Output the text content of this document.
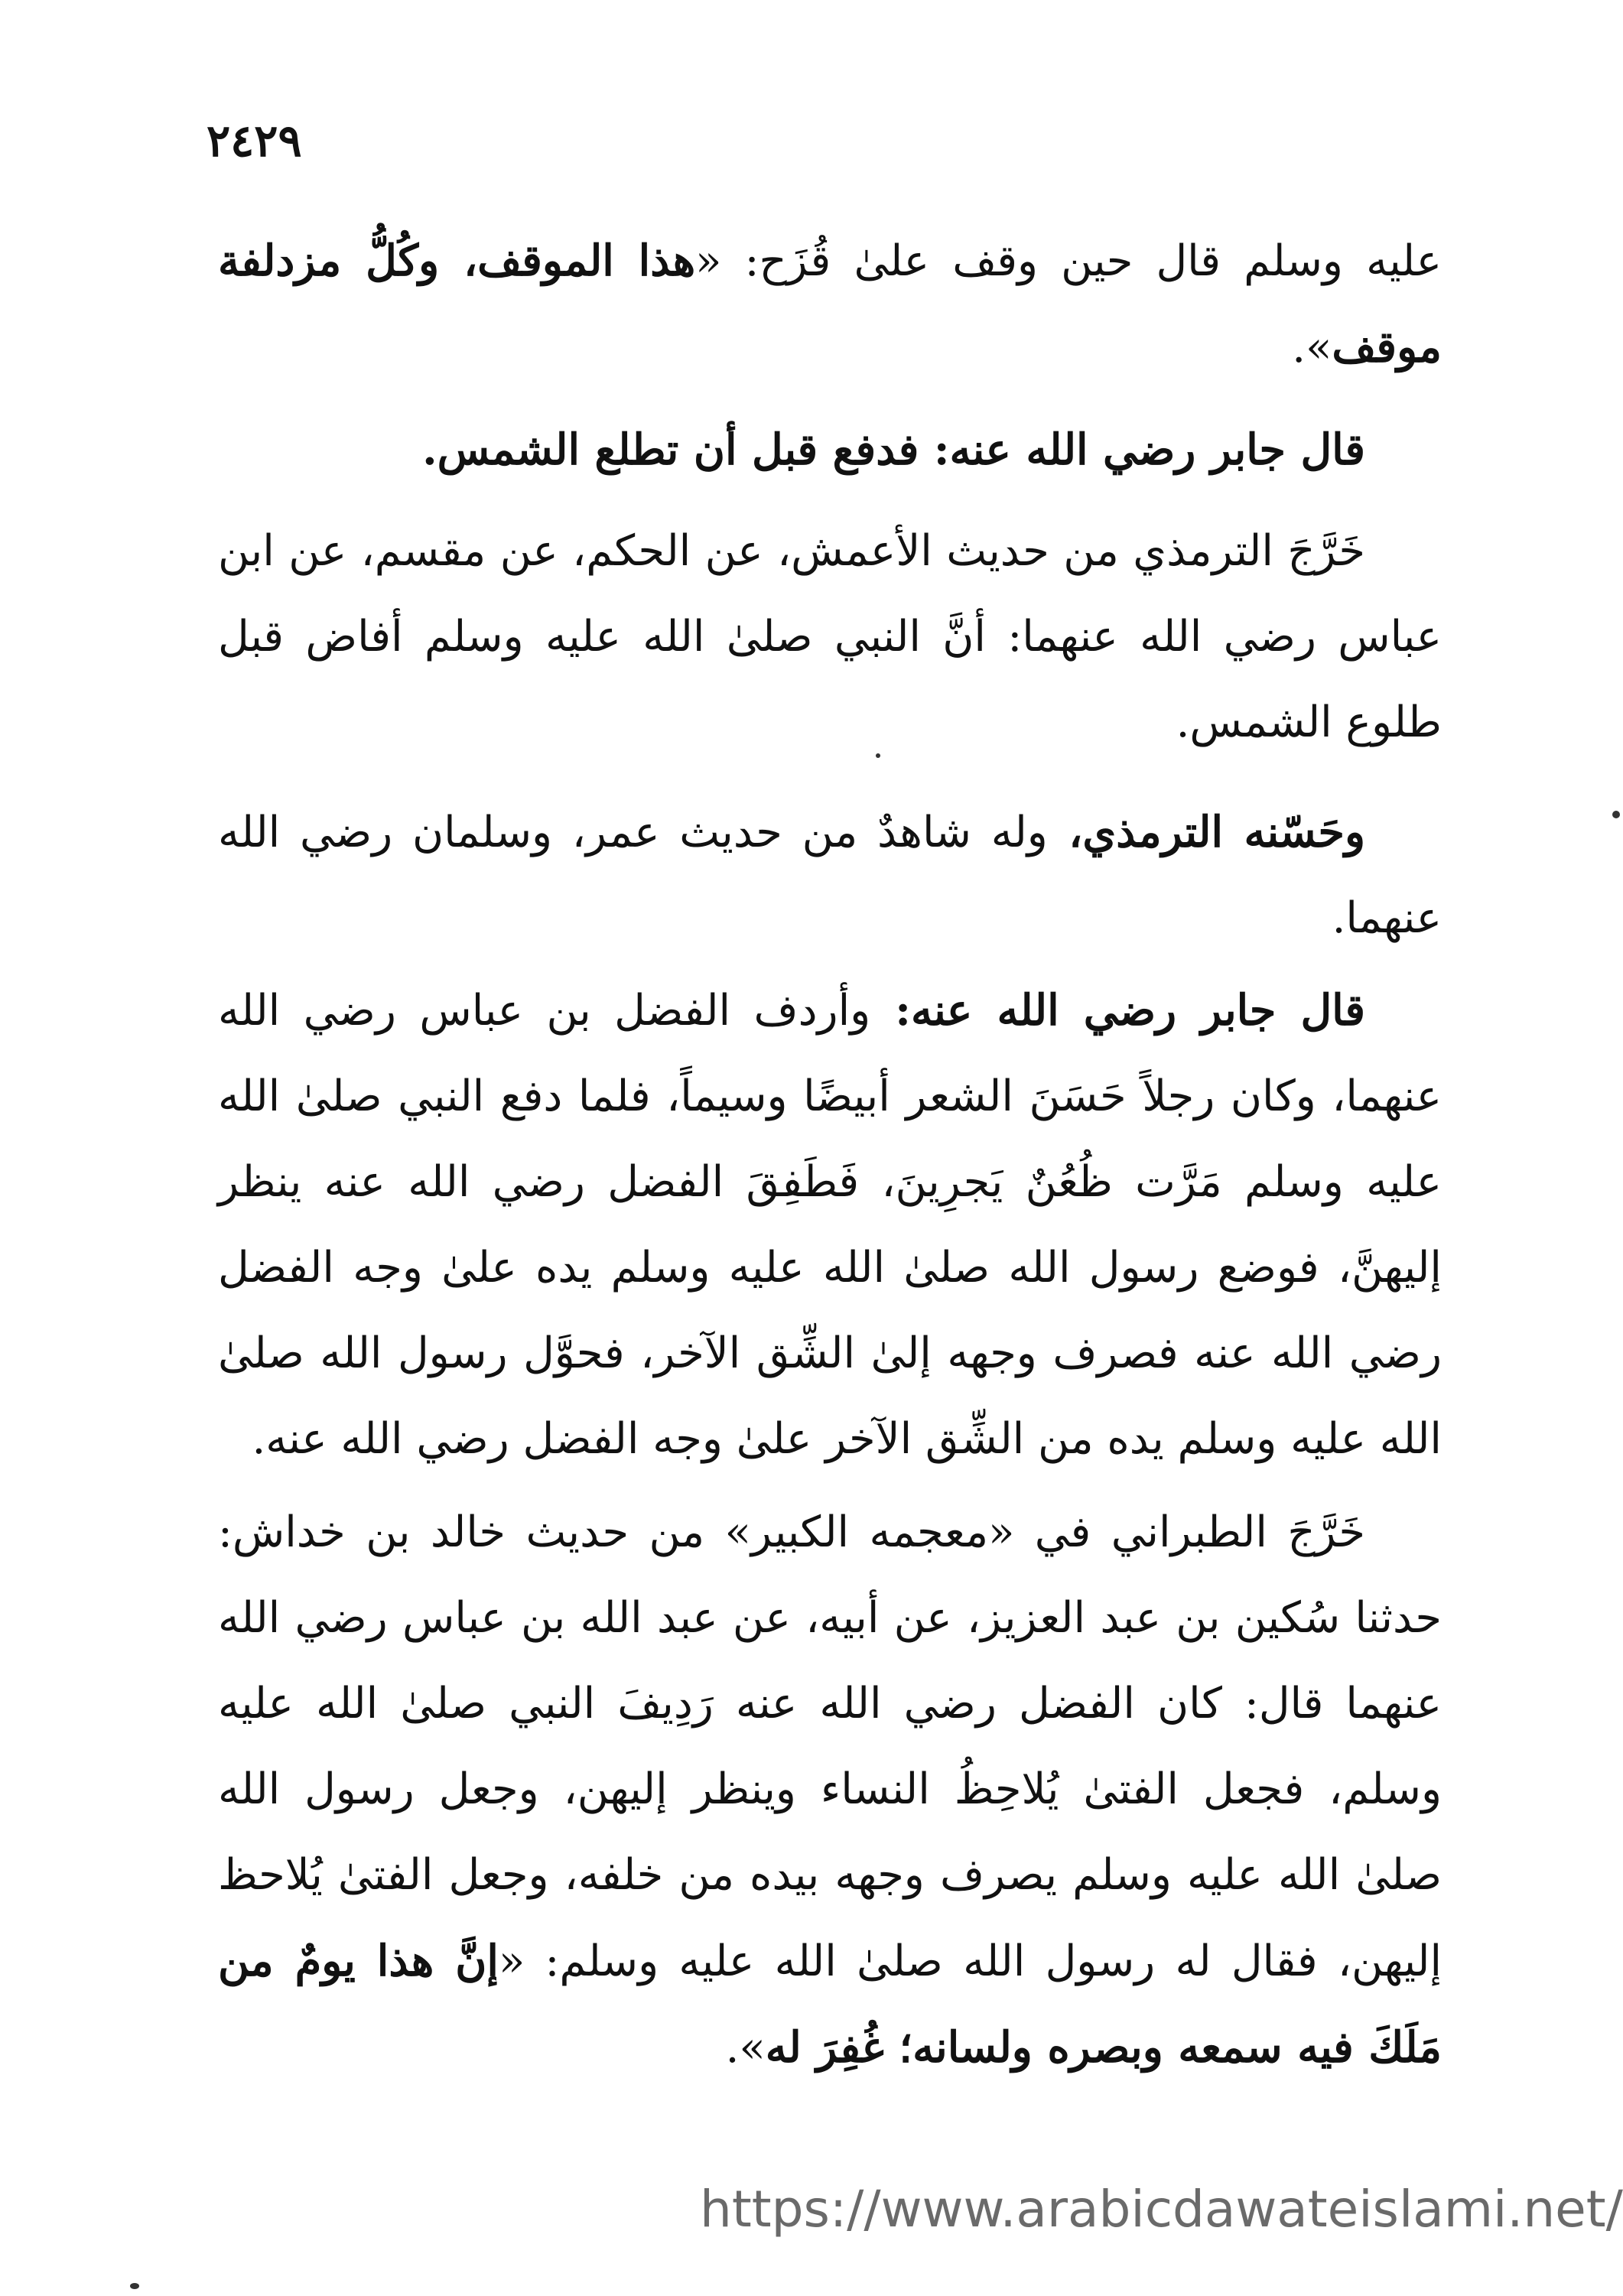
٢٤٢٩
عليه وسلم قال حين وقف علىٰ قُزَح: «هذا الموقف، وكُلُّ مزدلفة موقف».
قال جابر رضي الله عنه: فدفع قبل أن تطلع الشمس.
خَرَّجَ الترمذي من حديث الأعمش، عن الحكم، عن مقسم، عن ابن عباس رضي الله عنهما: أنَّ النبي صلىٰ الله عليه وسلم أفاض قبل طلوع الشمس.
وحَسّنه الترمذي، وله شاهدٌ من حديث عمر، وسلمان رضي الله عنهما.
قال جابر رضي الله عنه: وأردف الفضل بن عباس رضي الله عنهما، وكان رجلاً حَسَنَ الشعر أبيضًا وسيماً، فلما دفع النبي صلىٰ الله عليه وسلم مَرَّت ظُعُنٌ يَجرِينَ، فَطَفِقَ الفضل رضي الله عنه ينظر إليهنَّ، فوضع رسول الله صلىٰ الله عليه وسلم يده علىٰ وجه الفضل رضي الله عنه فصرف وجهه إلىٰ الشِّق الآخر، فحوَّل رسول الله صلىٰ الله عليه وسلم يده من الشِّق الآخر علىٰ وجه الفضل رضي الله عنه.
خَرَّجَ الطبراني في «معجمه الكبير» من حديث خالد بن خداش: حدثنا سُكين بن عبد العزيز، عن أبيه، عن عبد الله بن عباس رضي الله عنهما قال: كان الفضل رضي الله عنه رَدِيفَ النبي صلىٰ الله عليه وسلم، فجعل الفتىٰ يُلاحِظُ النساء وينظر إليهن، وجعل رسول الله صلىٰ الله عليه وسلم يصرف وجهه بيده من خلفه، وجعل الفتىٰ يُلاحظ إليهن، فقال له رسول الله صلىٰ الله عليه وسلم: «إنَّ هذا يومٌ من مَلَكَ فيه سمعه وبصره ولسانه؛ غُفِرَ له».
https://www.arabicdawateislami.net/
